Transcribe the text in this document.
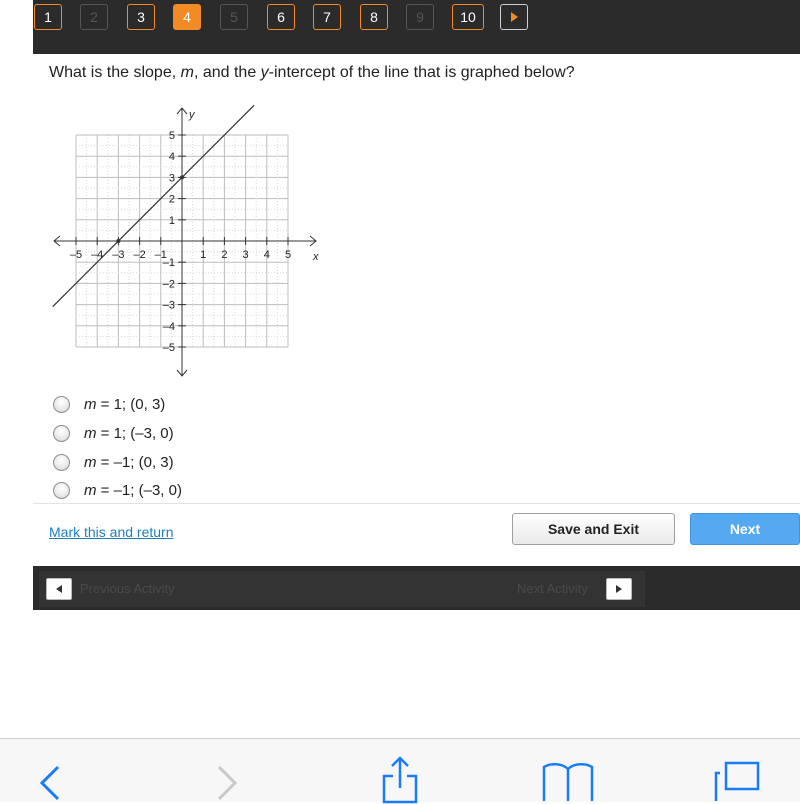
1	2	3	4	5	6	7	8	9	10
What is the slope, m, and the y-intercept of the line that is graphed below?
–5 –4 –3 –2 –1	1 2 3 4 5
5
4
3
2
1
–1
–2
–3
–4
–5
x
y
m = 1; (0, 3)
m = 1; (–3, 0)
m = –1; (0, 3)
m = –1; (–3, 0)
Mark this and return	Save and Exit	Next
Previous Activity	Next Activity
